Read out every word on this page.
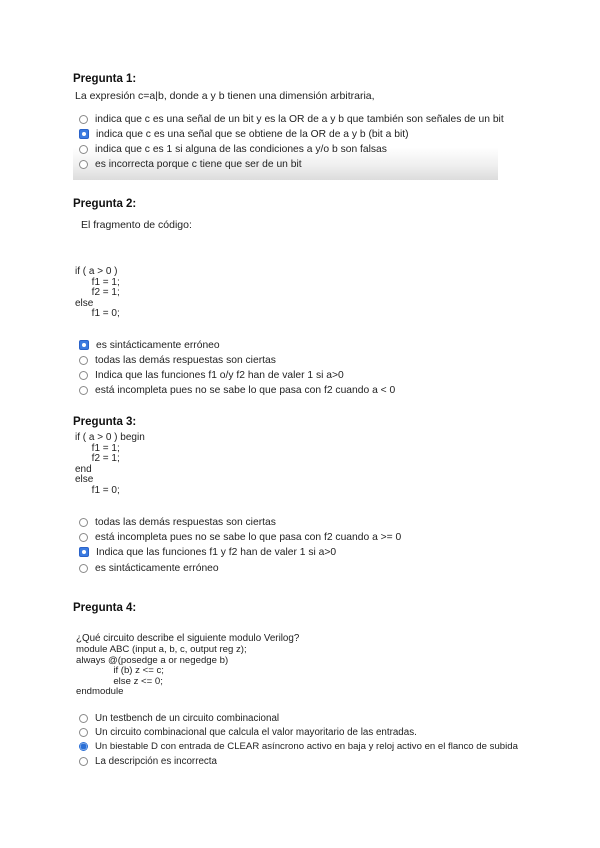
Pregunta 1:
La expresión c=a|b, donde a y b tienen una dimensión arbitraria,
indica que c es una señal de un bit y es la OR de a y b que también son señales de un bit
indica que c es una señal que se obtiene de la OR de a y b (bit a bit)
indica que c es 1 si alguna de las condiciones a y/o b son falsas
es incorrecta porque c tiene que ser de un bit
Pregunta 2:
El fragmento de código:
if ( a > 0 )
f1 = 1;
f2 = 1;
else
f1 = 0;
es sintácticamente erróneo
todas las demás respuestas son ciertas
Indica que las funciones f1 o/y f2 han de valer 1 si a>0
está incompleta pues no se sabe lo que pasa con f2 cuando a < 0
Pregunta 3:
if ( a > 0 ) begin
f1 = 1;
f2 = 1;
end
else
f1 = 0;
todas las demás respuestas son ciertas
está incompleta pues no se sabe lo que pasa con f2 cuando a >= 0
Indica que las funciones f1 y f2 han de valer 1 si a>0
es sintácticamente erróneo
Pregunta 4:
¿Qué circuito describe el siguiente modulo Verilog?
module ABC (input a, b, c, output reg z);
always @(posedge a or negedge b)
if (b) z <= c;
else z <= 0;
endmodule
Un testbench de un circuito combinacional
Un circuito combinacional que calcula el valor mayoritario de las entradas.
Un biestable D con entrada de CLEAR asíncrono activo en baja y reloj activo en el flanco de subida
La descripción es incorrecta
